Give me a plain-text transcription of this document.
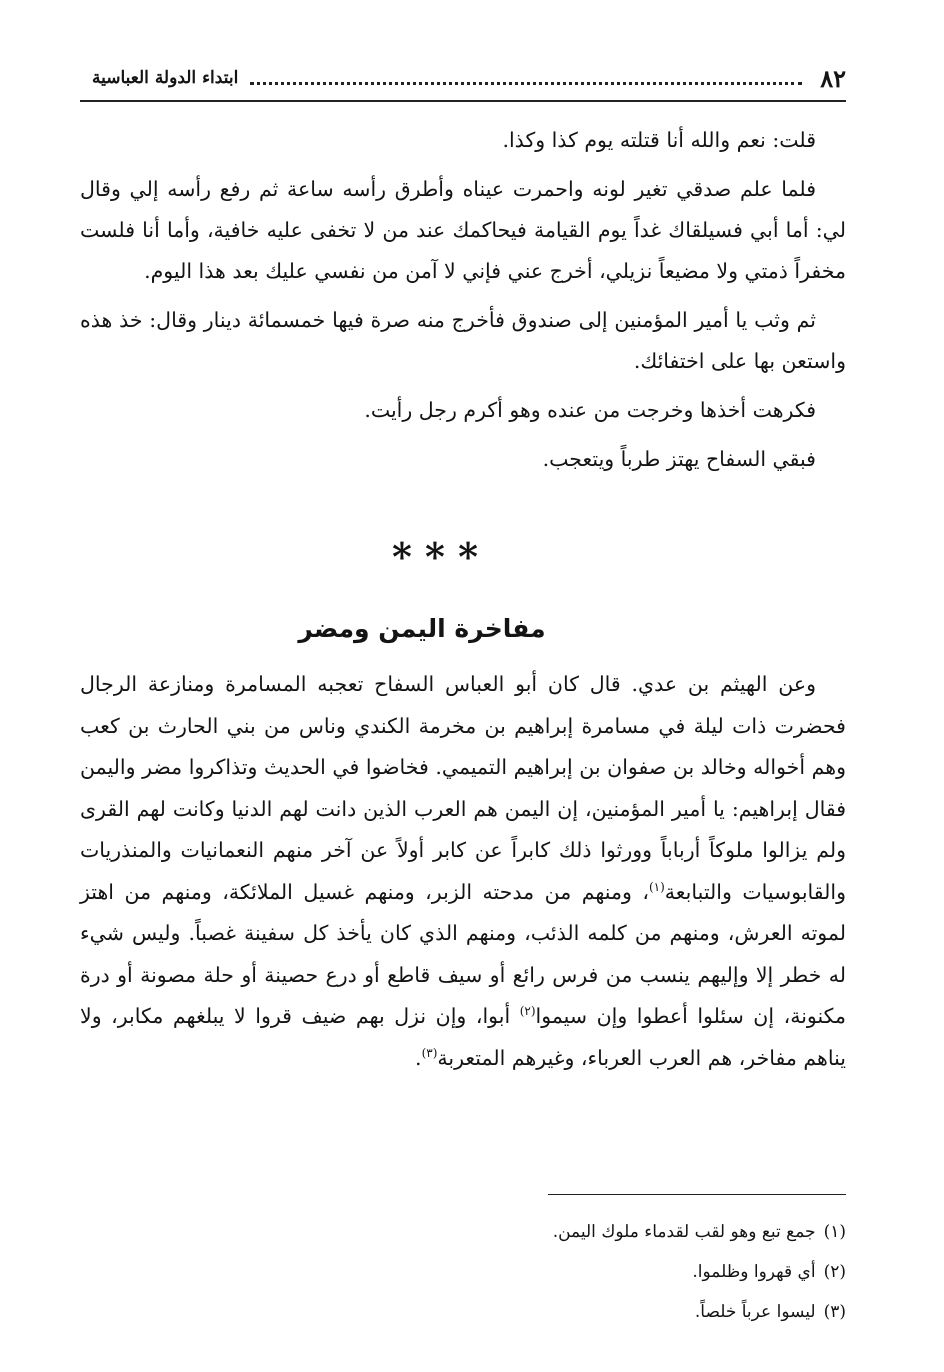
٨٢
ابتداء الدولة العباسية

قلت: نعم والله أنا قتلته يوم كذا وكذا.

فلما علم صدقي تغير لونه واحمرت عيناه وأطرق رأسه ساعة ثم رفع رأسه إلي وقال لي: أما أبي فسيلقاك غداً يوم القيامة فيحاكمك عند من لا تخفى عليه خافية، وأما أنا فلست مخفراً ذمتي ولا مضيعاً نزيلي، أخرج عني فإني لا آمن من نفسي عليك بعد هذا اليوم.

ثم وثب يا أمير المؤمنين إلى صندوق فأخرج منه صرة فيها خمسمائة دينار وقال: خذ هذه واستعن بها على اختفائك.

فكرهت أخذها وخرجت من عنده وهو أكرم رجل رأيت.

فبقي السفاح يهتز طرباً ويتعجب.

* * *
مفاخرة اليمن ومضر

وعن الهيثم بن عدي. قال كان أبو العباس السفاح تعجبه المسامرة ومنازعة الرجال فحضرت ذات ليلة في مسامرة إبراهيم بن مخرمة الكندي وناس من بني الحارث بن كعب وهم أخواله وخالد بن صفوان بن إبراهيم التميمي. فخاضوا في الحديث وتذاكروا مضر واليمن فقال إبراهيم: يا أمير المؤمنين، إن اليمن هم العرب الذين دانت لهم الدنيا وكانت لهم القرى ولم يزالوا ملوكاً أرباباً وورثوا ذلك كابراً عن كابر أولاً عن آخر منهم النعمانيات والمنذريات والقابوسيات والتبابعة$^{(١)}$، ومنهم من مدحته الزبر، ومنهم غسيل الملائكة، ومنهم من اهتز لموته العرش، ومنهم من كلمه الذئب، ومنهم الذي كان يأخذ كل سفينة غصباً. وليس شيء له خطر إلا وإليهم ينسب من فرس رائع أو سيف قاطع أو درع حصينة أو حلة مصونة أو درة مكنونة، إن سئلوا أعطوا وإن سيموا$^{(٢)}$ أبوا، وإن نزل بهم ضيف قروا لا يبلغهم مكابر، ولا يناهم مفاخر، هم العرب العرباء، وغيرهم المتعربة$^{(٣)}$.

(١)
جمع تبع وهو لقب لقدماء ملوك اليمن.
(٢)
أي قهروا وظلموا.
(٣)
ليسوا عرباً خلصاً.
